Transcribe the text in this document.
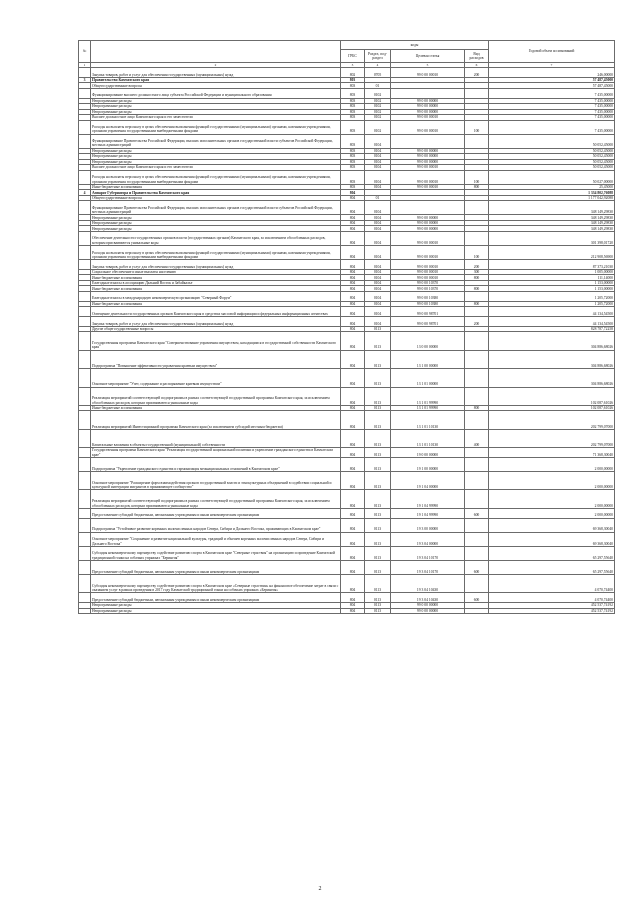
№		коды				Годовой объем ассигнований
		ГРБС	Раздел, под-раздел	Целевая статья	Вид расходов	
1	2	3	4	5	6	7
	Закупка товаров, работ и услуг для обеспечения государственных (муниципальных) нужд	802	0705	99 0 00 00010	200	246,00000
3	Правительство Камчатского края	803				57 487,45000
	Общегосударственные вопросы	803	01			57 487,45000
	Функционирование высшего должностного лица субъекта Российской Федерации и муниципального образования	803	0102			7 435,00000
	Непрограммные расходы	803	0102	99 0 00 00000		7 435,00000
	Непрограммные расходы	803	0102	99 0 00 00000		7 435,00000
	Непрограммные расходы	803	0102	99 0 00 00000		7 435,00000
	Высшее должностное лицо Камчатского края и его заместители	803	0102	99 0 00 00010		7 435,00000
	Расходы на выплаты персоналу в целях обеспечения выполнения функций государственными (муниципальными) органами, казенными учреждениями, органами управления государственными внебюджетными фондами	803	0102	99 0 00 00010	100	7 435,00000
	Функционирование Правительства Российской Федерации, высших исполнительных органов государственной власти субъектов Российской Федерации, местных администраций	803	0104			50 052,45000
	Непрограммные расходы	803	0104	99 0 00 00000		50 052,45000
	Непрограммные расходы	803	0104	99 0 00 00000		50 052,45000
	Непрограммные расходы	803	0104	99 0 00 00000		50 052,45000
	Высшее должностное лицо Камчатского края и его заместители	803	0104	99 0 00 00010		50 052,45000
	Расходы на выплаты персоналу в целях обеспечения выполнения функций государственными (муниципальными) органами, казенными учреждениями, органами управления государственными внебюджетными фондами	803	0104	99 0 00 00010	100	50 027,00000
	Иные бюджетные ассигнования	803	0104	99 0 00 00010	800	25,45000
4	Аппарат Губернатора и Правительства Камчатского края	804				1 334 802,76088
	Общегосударственные вопросы	804	01			1 177 042,92088
	Функционирование Правительства Российской Федерации, высших исполнительных органов государственной власти субъектов Российской Федерации, местных администраций	804	0104			348 149,29830
	Непрограммные расходы	804	0104	99 0 00 00000		348 149,29830
	Непрограммные расходы	804	0104	99 0 00 00000		348 149,29830
	Непрограммные расходы	804	0104	99 0 00 00000		348 149,29830
	Обеспечение деятельности государственных органов власти (государственных органов) Камчатского края, за исключением обособленных расходов, которым присваиваются уникальные коды	804	0104	99 0 00 00010		301 398,01720
	Расходы на выплаты персоналу в целях обеспечения выполнения функций государственными (муниципальными) органами, казенными учреждениями, органами управления государственными внебюджетными фондами	804	0104	99 0 00 00010	100	212 908,56900
	Закупка товаров, работ и услуг для обеспечения государственных (муниципальных) нужд	804	0104	99 0 00 00010	200	87 373,21030
	Социальное обеспечение и иные выплаты населению	804	0104	99 0 00 00010	300	1 005,00000
	Иные бюджетные ассигнования	804	0104	99 0 00 00010	800	111,14000
	Ежегодные взносы в ассоциацию Дальний Восток и Забайкалье	804	0104	99 0 00 10370		1 153,00000
	Иные бюджетные ассигнования	804	0104	99 0 00 10370	800	1 153,00000
	Ежегодные взносы в международную некоммерческую организацию "Северный Форум"	804	0104	99 0 00 10380		1 205,72000
	Иные бюджетные ассигнования	804	0104	99 0 00 10380	800	1 205,72000
	Освещение деятельности государственных органов Камчатского края в средствах массовой информации и федеральных информационных агентствах	804	0104	99 0 00 98701		44 134,54500
	Закупка товаров, работ и услуг для обеспечения государственных (муниципальных) нужд	804	0104	99 0 00 98701	200	44 134,54500
	Другие общегосударственные вопросы	804	0113			828 787,72258
	Государственная программа Камчатского края "Совершенствование управления имуществом, находящимся в государственной собственности Камчатского края"	804	0113	13 0 00 00000		304 886,68026
	Подпрограмма "Повышение эффективности управления краевым имуществом"	804	0113	13 1 00 00000		304 886,68026
	Основное мероприятие "Учет, содержание и распоряжение краевым имуществом"	804	0113	13 1 01 00000		304 886,68026
	Реализация мероприятий соответствующей подпрограммы в рамках соответствующей государственной программы Камчатского края, за исключением обособленных расходов, которым присваиваются уникальные коды	804	0113	13 1 01 99990		102 087,61026
	Иные бюджетные ассигнования	804	0113	13 1 01 99990	800	102 087,61026
	Реализация мероприятий Инвестиционной программы Камчатского края (за исключением субсидий местным бюджетам)	804	0113	13 1 01 10130		202 799,07000
	Капитальные вложения в объекты государственной (муниципальной) собственности	804	0113	13 1 01 10130	400	202 799,07000
	Государственная программа Камчатского края "Реализация государственной национальной политики и укрепление гражданского единства в Камчатском крае"	804	0113	19 0 00 00000		71 368,30040
	Подпрограмма "Укрепление гражданского единства и гармонизация межнациональных отношений в Камчатском крае"	804	0113	19 1 00 00000		2 000,00000
	Основное мероприятие "Расширение форм взаимодействия органов государственной власти и этнокультурных объединений в содействии социальной и культурной интеграции мигрантов в принимающее сообщество"	804	0113	19 1 04 00000		2 000,00000
	Реализация мероприятий соответствующей подпрограммы в рамках соответствующей государственной программы Камчатского края, за исключением обособленных расходов, которым присваиваются уникальные коды	804	0113	19 1 04 99990		2 000,00000
	Предоставление субсидий бюджетным, автономным учреждениям и иным некоммерческим организациям	804	0113	19 1 04 99990	600	2 000,00000
	Подпрограмма "Устойчивое развитие коренных малочисленных народов Севера, Сибири и Дальнего Востока, проживающих в Камчатском крае"	804	0113	19 3 00 00000		69 368,30040
	Основное мероприятие "Сохранение и развитие национальной культуры, традиций и обычаев коренных малочисленных народов Севера, Сибири и Дальнего Востока"	804	0113	19 3 04 00000		69 368,30040
	Субсидия некоммерческому партнерству содействие развитию спорта в Камчатском крае "Северные страствия" на организацию и проведение Камчатской традиционной гонки на собачьих упряжках "Берингия"	804	0113	19 3 04 10170		65 297,55640
	Предоставление субсидий бюджетным, автономным учреждениям и иным некоммерческим организациям	804	0113	19 3 04 10170	600	65 297,55640
	Субсидия некоммерческому партнерству содействие развитию спорта в Камчатском крае «Северные страствия» на финансовое обеспечение затрат в связи с оказанием услуг в рамках проведения в 2017 году Камчатской традиционной гонки на собачьих упряжках «Берингия»	804	0113	19 3 04 10430		4 070,74400
	Предоставление субсидий бюджетным, автономным учреждениям и иным некоммерческим организациям	804	0113	19 3 04 10430	600	4 070,74400
	Непрограммные расходы	804	0113	99 0 00 00000		452 537,74192
	Непрограммные расходы	804	0113	99 0 00 00000		452 537,74192
2
